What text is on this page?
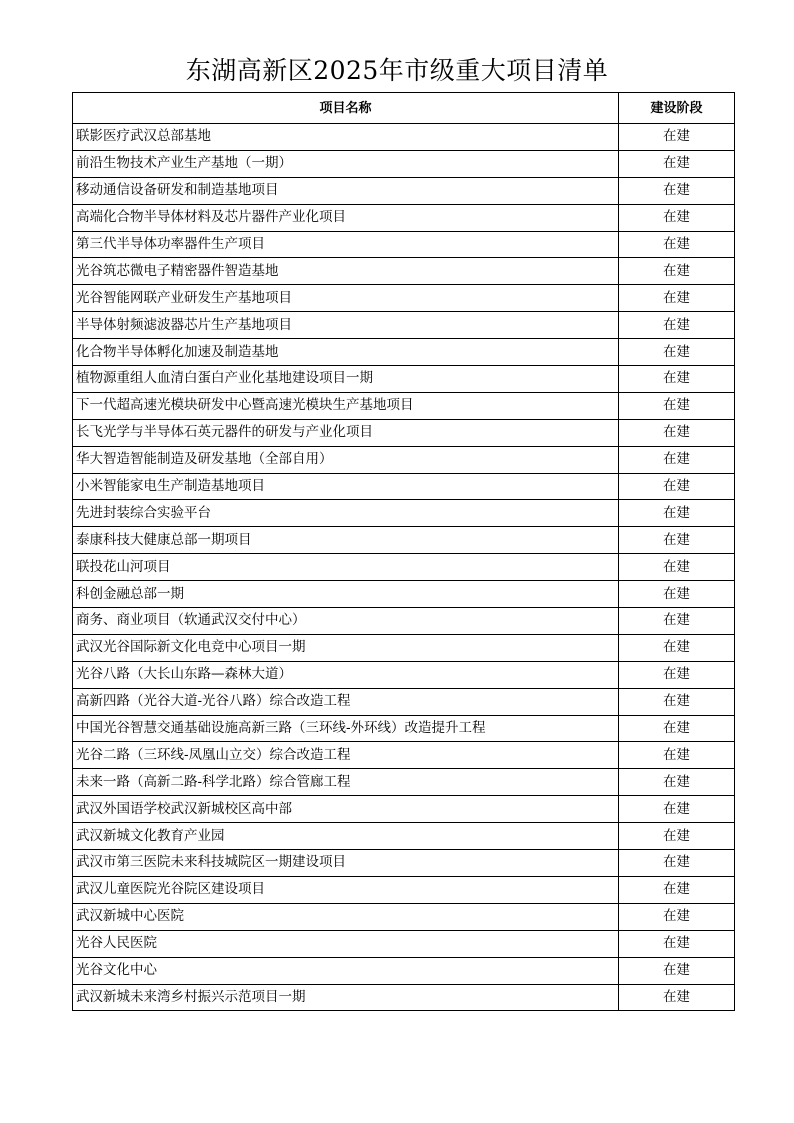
东湖高新区2025年市级重大项目清单
项目名称	建设阶段
联影医疗武汉总部基地	在建
前沿生物技术产业生产基地（一期）	在建
移动通信设备研发和制造基地项目	在建
高端化合物半导体材料及芯片器件产业化项目	在建
第三代半导体功率器件生产项目	在建
光谷筑芯微电子精密器件智造基地	在建
光谷智能网联产业研发生产基地项目	在建
半导体射频滤波器芯片生产基地项目	在建
化合物半导体孵化加速及制造基地	在建
植物源重组人血清白蛋白产业化基地建设项目一期	在建
下一代超高速光模块研发中心暨高速光模块生产基地项目	在建
长飞光学与半导体石英元器件的研发与产业化项目	在建
华大智造智能制造及研发基地（全部自用）	在建
小米智能家电生产制造基地项目	在建
先进封装综合实验平台	在建
泰康科技大健康总部一期项目	在建
联投花山河项目	在建
科创金融总部一期	在建
商务、商业项目（软通武汉交付中心）	在建
武汉光谷国际新文化电竞中心项目一期	在建
光谷八路（大长山东路—森林大道）	在建
高新四路（光谷大道-光谷八路）综合改造工程	在建
中国光谷智慧交通基础设施高新三路（三环线-外环线）改造提升工程	在建
光谷二路（三环线-凤凰山立交）综合改造工程	在建
未来一路（高新二路-科学北路）综合管廊工程	在建
武汉外国语学校武汉新城校区高中部	在建
武汉新城文化教育产业园	在建
武汉市第三医院未来科技城院区一期建设项目	在建
武汉儿童医院光谷院区建设项目	在建
武汉新城中心医院	在建
光谷人民医院	在建
光谷文化中心	在建
武汉新城未来湾乡村振兴示范项目一期	在建
